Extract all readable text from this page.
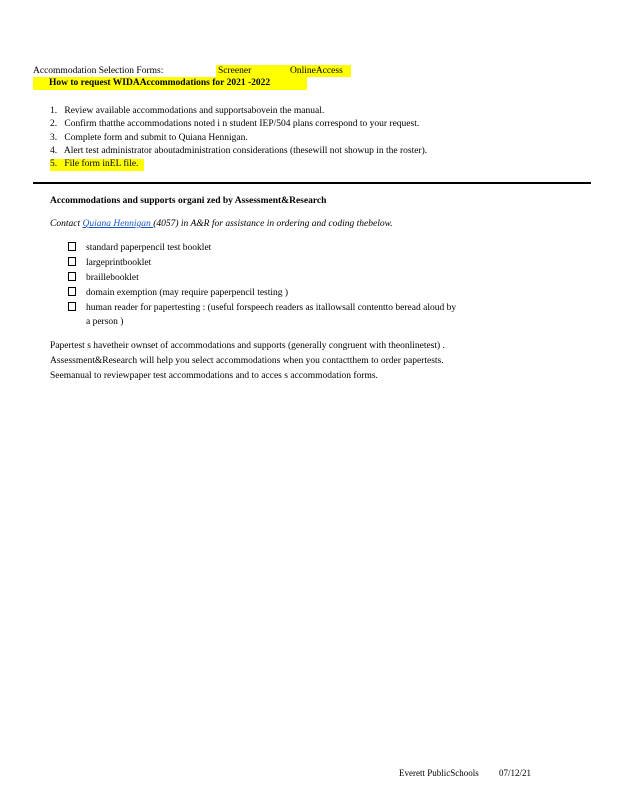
Accommodation Selection Forms:	Screener	OnlineAccess
How to request WIDAAccommodations for 2021 -2022
1. Review available accommodations and supportsabovein the manual.
2. Confirm thatthe accommodations noted i n student IEP/504 plans correspond to your request.
3. Complete form and submit to Quiana Hennigan.
4. Alert test administrator aboutadministration considerations (thesewill not showup in the roster).
5. File form inEL file.
Accommodations and supports organi zed by Assessment&Research
Contact Quiana Hennigan (4057) in A&R for assistance in ordering and coding thebelow.
standard paperpencil test booklet
largeprintbooklet
braillebooklet
domain exemption (may require paperpencil testing )
human reader for papertesting : (useful forspeech readers as itallowsall contentto beread aloud by
a person )
Papertest s havetheir ownset of accommodations and supports (generally congruent with theonlinetest) .
Assessment&Research will help you select accommodations when you contactthem to order papertests.
Seemanual to reviewpaper test accommodations and to acces s accommodation forms.
Everett PublicSchools 07/12/21
